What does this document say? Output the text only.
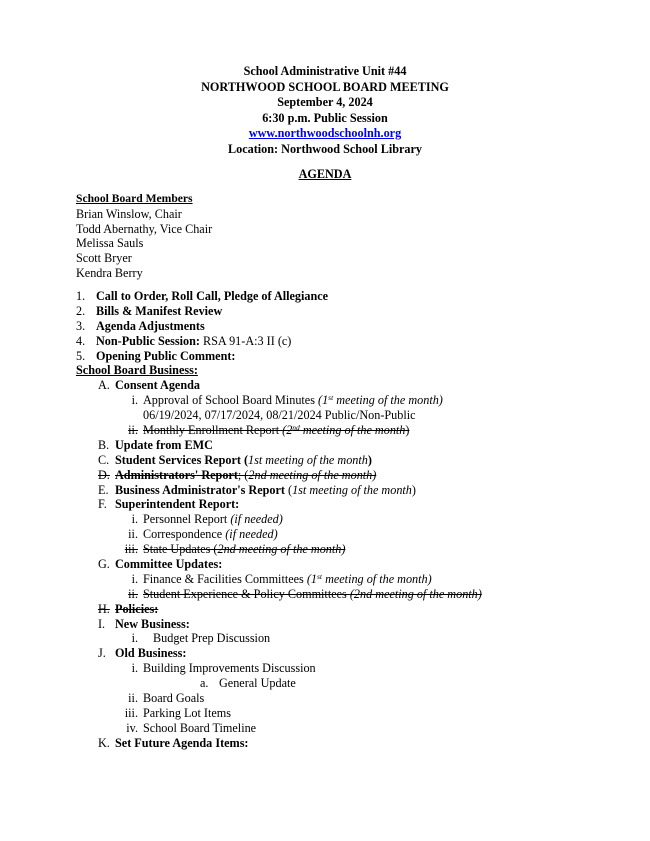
School Administrative Unit #44
NORTHWOOD SCHOOL BOARD MEETING
September 4, 2024
6:30 p.m. Public Session
www.northwoodschoolnh.org
Location: Northwood School Library
AGENDA
School Board Members
Brian Winslow, Chair
Todd Abernathy, Vice Chair
Melissa Sauls
Scott Bryer
Kendra Berry
1. Call to Order, Roll Call, Pledge of Allegiance
2. Bills & Manifest Review
3. Agenda Adjustments
4. Non-Public Session: RSA 91-A:3 II (c)
5. Opening Public Comment:
School Board Business:
A. Consent Agenda
i. Approval of School Board Minutes (1st meeting of the month)
06/19/2024, 07/17/2024, 08/21/2024 Public/Non-Public
ii. Monthly Enrollment Report (2nd meeting of the month)
B. Update from EMC
C. Student Services Report (1st meeting of the month)
D. Administrators' Report; (2nd meeting of the month)
E. Business Administrator's Report (1st meeting of the month)
F. Superintendent Report:
i. Personnel Report (if needed)
ii. Correspondence (if needed)
iii. State Updates (2nd meeting of the month)
G. Committee Updates:
i. Finance & Facilities Committees (1st meeting of the month)
ii. Student Experience & Policy Committees (2nd meeting of the month)
H. Policies:
I. New Business:
i. Budget Prep Discussion
J. Old Business:
i. Building Improvements Discussion
a. General Update
ii. Board Goals
iii. Parking Lot Items
iv. School Board Timeline
K. Set Future Agenda Items:
